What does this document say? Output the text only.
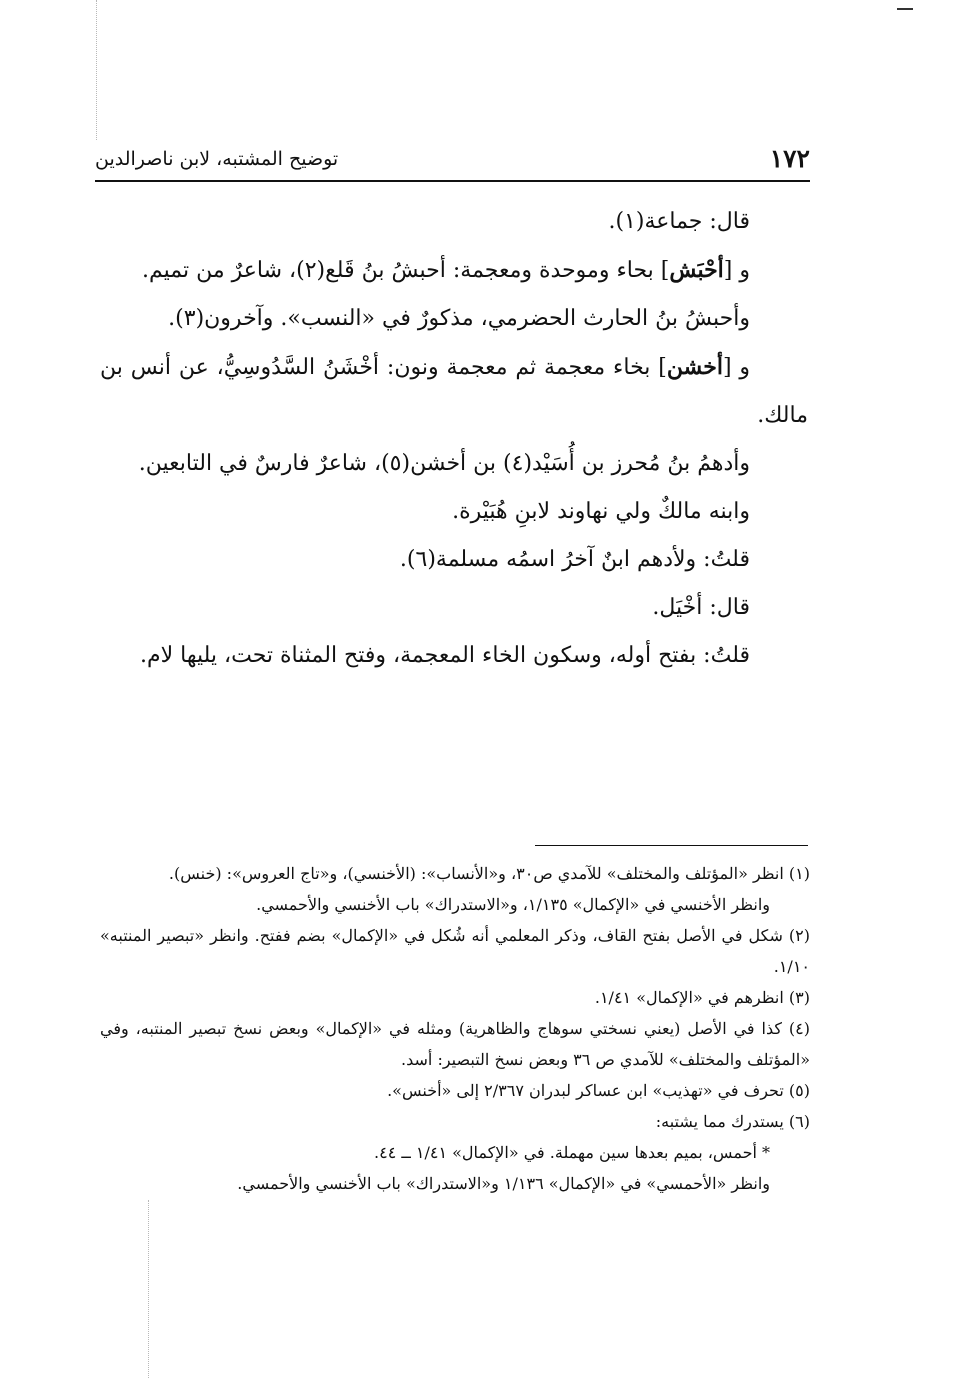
١٧٢
توضيح المشتبه، لابن ناصرالدين

قال: جماعة(١).

و [أحْبَش] بحاء وموحدة ومعجمة: أحبشُ بنُ قَلع(٢)، شاعرٌ من تميم.

وأحبشُ بنُ الحارث الحضرمي، مذكورٌ في «النسب». وآخرون(٣).

و [أخشن] بخاء معجمة ثم معجمة ونون: أخْشَنُ السَّدُوسِيُّ، عن أنس بن مالك.

وأدهمُ بنُ مُحرز بن أُسَيْد(٤) بن أخشن(٥)، شاعرٌ فارسٌ في التابعين.

وابنه مالكٌ ولي نهاوند لابنِ هُبَيْرة.

قلتُ: ولأدهم ابنٌ آخرُ اسمُه مسلمة(٦).

قال: أخْيَل.

قلتُ: بفتح أوله، وسكون الخاء المعجمة، وفتح المثناة تحت، يليها لام.

(١) انظر «المؤتلف والمختلف» للآمدي ص٣٠، و«الأنساب»: (الأخنسي)، و«تاج العروس»: (خنس).

وانظر الأخنسي في «الإكمال» ١/١٣٥، و«الاستدراك» باب الأخنسي والأحمسي.

(٢) شكل في الأصل بفتح القاف، وذكر المعلمي أنه شُكل في «الإكمال» بضم ففتح. وانظر «تبصير المنتبه» ١/١٠.

(٣) انظرهم في «الإكمال» ١/٤١.

(٤) كذا في الأصل (يعني نسختي سوهاج والظاهرية) ومثله في «الإكمال» وبعض نسخ تبصير المنتبه، وفي «المؤتلف والمختلف» للآمدي ص ٣٦ وبعض نسخ التبصير: أسد.

(٥) تحرف في «تهذيب» ابن عساكر لبدران ٢/٣٦٧ إلى «أخنس».

(٦) يستدرك مما يشتبه:

* أحمس، بميم بعدها سين مهملة. في «الإكمال» ١/٤١ ــ ٤٤.

وانظر «الأحمسي» في «الإكمال» ١/١٣٦ و«الاستدراك» باب الأخنسي والأحمسي.
